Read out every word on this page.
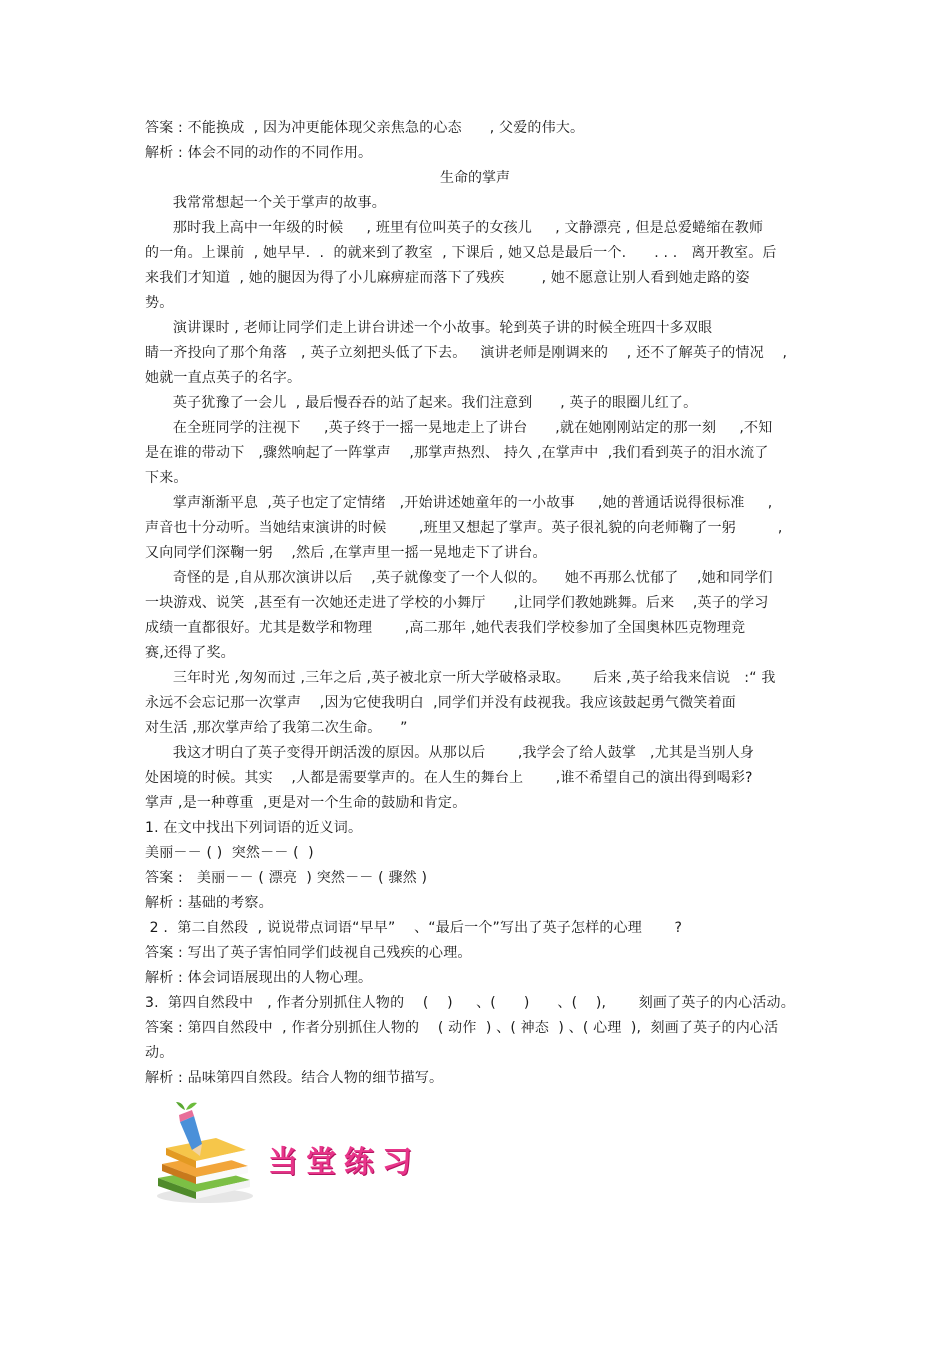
答案 : 不能换成  , 因为冲更能体现父亲焦急的心态      , 父爱的伟大。
解析 : 体会不同的动作的不同作用。
生命的掌声
我常常想起一个关于掌声的故事。
那时我上高中一年级的时候     , 班里有位叫英子的女孩儿     , 文静漂亮 , 但是总爱蜷缩在教师
的一角。上课前  , 她早早.  .  的就来到了教室  , 下课后 , 她又总是最后一个.      . . .   离开教室。后
来我们才知道  , 她的腿因为得了小儿麻痹症而落下了残疾        , 她不愿意让别人看到她走路的姿
势。
演讲课时 , 老师让同学们走上讲台讲述一个小故事。轮到英子讲的时候全班四十多双眼
睛一齐投向了那个角落   , 英子立刻把头低了下去。   演讲老师是刚调来的    , 还不了解英子的情况    ,
她就一直点英子的名字。
英子犹豫了一会儿  , 最后慢吞吞的站了起来。我们注意到      , 英子的眼圈儿红了。
在全班同学的注视下     ,英子终于一摇一晃地走上了讲台      ,就在她刚刚站定的那一刻     ,不知
是在谁的带动下   ,骤然响起了一阵掌声    ,那掌声热烈、 持久 ,在掌声中  ,我们看到英子的泪水流了
下来。
掌声渐渐平息  ,英子也定了定情绪   ,开始讲述她童年的一小故事     ,她的普通话说得很标准     ,
声音也十分动听。当她结束演讲的时候       ,班里又想起了掌声。英子很礼貌的向老师鞠了一躬         ,
又向同学们深鞠一躬    ,然后 ,在掌声里一摇一晃地走下了讲台。
奇怪的是 ,自从那次演讲以后    ,英子就像变了一个人似的。    她不再那么忧郁了    ,她和同学们
一块游戏、说笑  ,甚至有一次她还走进了学校的小舞厅      ,让同学们教她跳舞。后来    ,英子的学习
成绩一直都很好。尤其是数学和物理       ,高二那年 ,她代表我们学校参加了全国奥林匹克物理竞
赛,还得了奖。
三年时光 ,匆匆而过 ,三年之后 ,英子被北京一所大学破格录取。     后来 ,英子给我来信说   :“ 我
永远不会忘记那一次掌声    ,因为它使我明白  ,同学们并没有歧视我。我应该鼓起勇气微笑着面
对生活 ,那次掌声给了我第二次生命。    ”
我这才明白了英子变得开朗活泼的原因。从那以后       ,我学会了给人鼓掌   ,尤其是当别人身
处困境的时候。其实    ,人都是需要掌声的。在人生的舞台上       ,谁不希望自己的演出得到喝彩?
掌声 ,是一种尊重  ,更是对一个生命的鼓励和肯定。
1. 在文中找出下列词语的近义词。
美丽－－ ( )  突然－－ (  )
答案 :   美丽－－ ( 漂亮  ) 突然－－ ( 骤然 )
解析 : 基础的考察。
2 .  第二自然段  , 说说带点词语“早早”    、“最后一个”写出了英子怎样的心理       ?
答案 : 写出了英子害怕同学们歧视自己残疾的心理。
解析 : 体会词语展现出的人物心理。
3.  第四自然段中   , 作者分别抓住人物的    (    )     、(      )      、(    ),       刻画了英子的内心活动。
答案 : 第四自然段中  , 作者分别抓住人物的    ( 动作  ) 、( 神态  ) 、( 心理  ),  刻画了英子的内心活
动。
解析 : 品味第四自然段。结合人物的细节描写。
当堂练习
